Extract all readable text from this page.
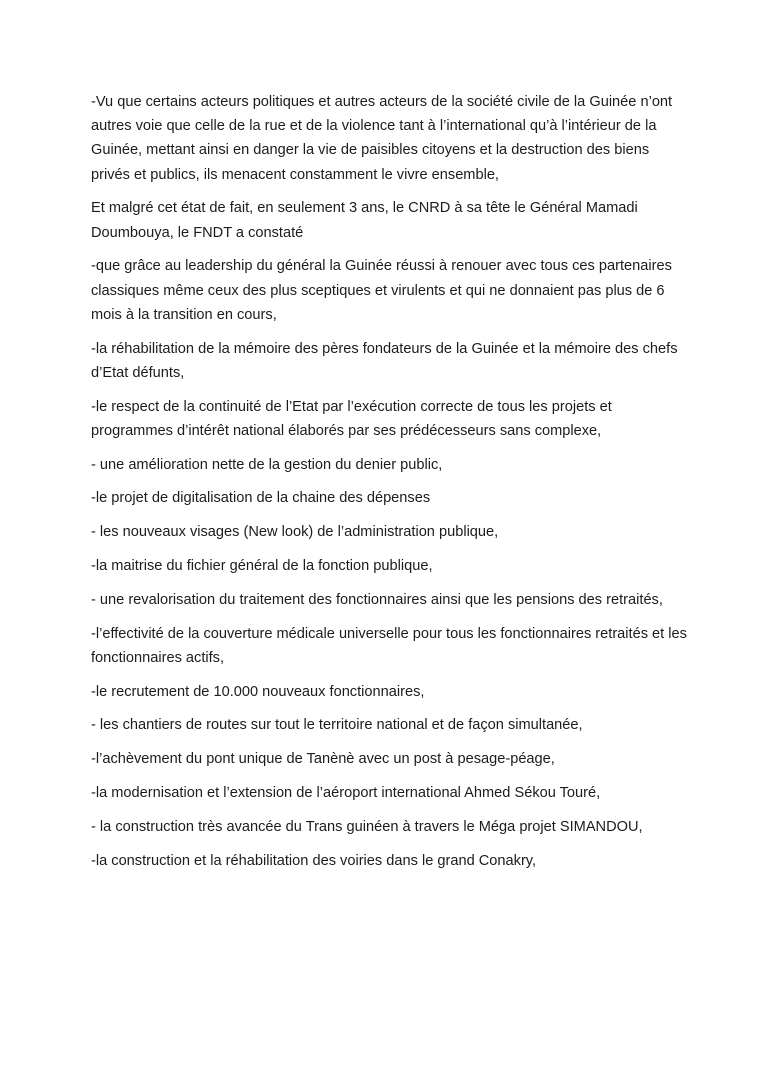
-Vu que certains acteurs politiques et autres acteurs de la société civile de la Guinée n’ont autres voie que celle de la rue et de la violence tant à l’international qu’à l’intérieur de la Guinée, mettant ainsi en danger la vie de paisibles citoyens et la destruction des biens privés et publics, ils menacent constamment le vivre ensemble,

Et malgré cet état de fait, en seulement 3 ans, le CNRD à sa tête le Général Mamadi Doumbouya, le FNDT a constaté

-que grâce au leadership du général la Guinée réussi à renouer avec tous ces partenaires classiques même ceux des plus sceptiques et virulents et qui ne donnaient pas plus de 6 mois à la transition en cours,

-la réhabilitation de la mémoire des pères fondateurs de la Guinée et la mémoire des chefs d’Etat défunts,

-le respect de la continuité de l’Etat par l’exécution correcte de tous les projets et programmes d’intérêt national élaborés par ses prédécesseurs sans complexe,

- une amélioration nette de la gestion du denier public,

-le projet de digitalisation de la chaine des dépenses

- les nouveaux visages (New look) de l’administration publique,

-la maitrise du fichier général de la fonction publique,

- une revalorisation du traitement des fonctionnaires ainsi que les pensions des retraités,

-l’effectivité de la couverture médicale universelle pour tous les fonctionnaires retraités et les fonctionnaires actifs,

-le recrutement de 10.000 nouveaux fonctionnaires,

- les chantiers de routes sur tout le territoire national et de façon simultanée,

-l’achèvement du pont unique de Tanènè avec un post à pesage-péage,

-la modernisation et l’extension de l’aéroport international Ahmed Sékou Touré,

- la construction très avancée du Trans guinéen à travers le Méga projet SIMANDOU,

-la construction et la réhabilitation des voiries dans le grand Conakry,
